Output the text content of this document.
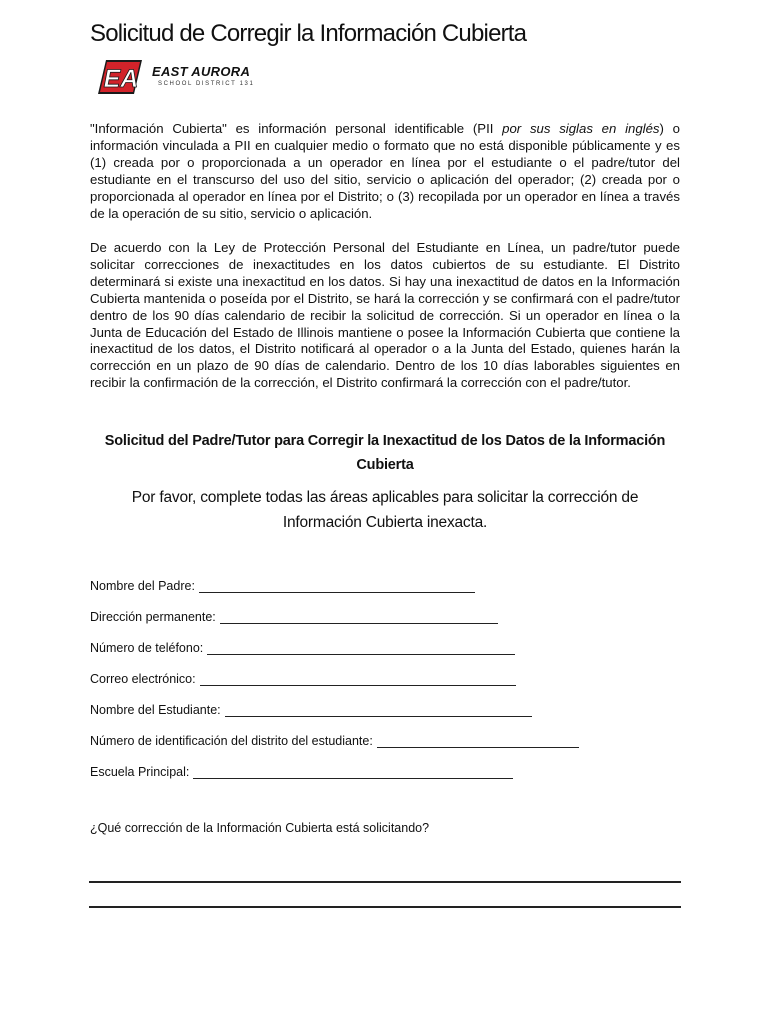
Solicitud de Corregir la Información Cubierta
EA EAST AURORA
SCHOOL DISTRICT 131

"Información Cubierta" es información personal identificable (PII por sus siglas en inglés) o información vinculada a PII en cualquier medio o formato que no está disponible públicamente y es (1) creada por o proporcionada a un operador en línea por el estudiante o el padre/tutor del estudiante en el transcurso del uso del sitio, servicio o aplicación del operador; (2) creada por o proporcionada al operador en línea por el Distrito; o (3) recopilada por un operador en línea a través de la operación de su sitio, servicio o aplicación.

De acuerdo con la Ley de Protección Personal del Estudiante en Línea, un padre/tutor puede solicitar correcciones de inexactitudes en los datos cubiertos de su estudiante. El Distrito determinará si existe una inexactitud en los datos. Si hay una inexactitud de datos en la Información Cubierta mantenida o poseída por el Distrito, se hará la corrección y se confirmará con el padre/tutor dentro de los 90 días calendario de recibir la solicitud de corrección. Si un operador en línea o la Junta de Educación del Estado de Illinois mantiene o posee la Información Cubierta que contiene la inexactitud de los datos, el Distrito notificará al operador o a la Junta del Estado, quienes harán la corrección en un plazo de 90 días de calendario. Dentro de los 10 días laborables siguientes en recibir la confirmación de la corrección, el Distrito confirmará la corrección con el padre/tutor.

Solicitud del Padre/Tutor para Corregir la Inexactitud de los Datos de la Información Cubierta

Por favor, complete todas las áreas aplicables para solicitar la corrección de Información Cubierta inexacta.

Nombre del Padre:
Dirección permanente:
Número de teléfono:
Correo electrónico:
Nombre del Estudiante:
Número de identificación del distrito del estudiante:
Escuela Principal:
¿Qué corrección de la Información Cubierta está solicitando?
